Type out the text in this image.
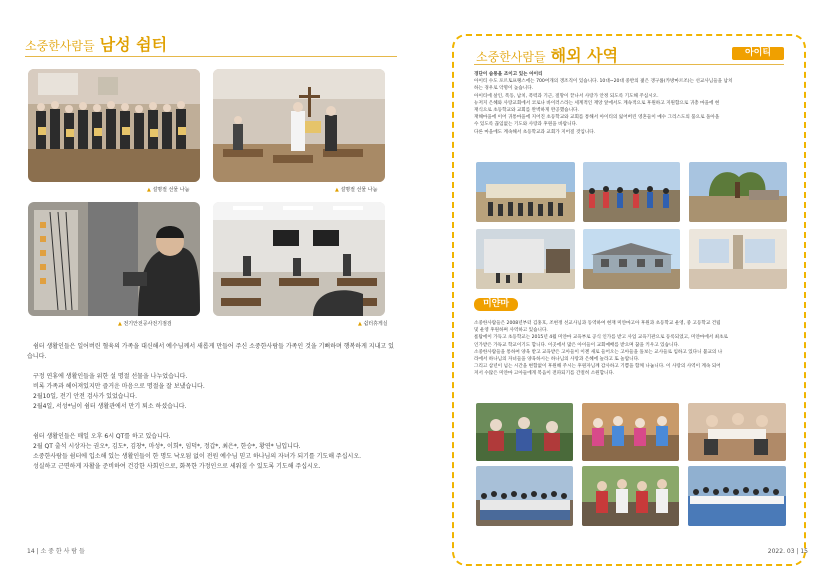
소중한사람들 남성 쉼터
▲ 설명절 선물 나눔	▲ 설명절 선물 나눔
▲ 전기안전공사전기점검	▲ 쉼터휴게실

쉼터 생활인들은 일어버린 혈육의 가족을 대신해서 예수님께서 새롭게 만들어 주신 소중한사람들 가족인 것을 기뻐하며 행복하게 지내고 있습니다.

구정 연휴에 생활인들을 위한 설 명절 선물을 나누었습니다.

비록 가족과 헤어져있지만 즐거운 마음으로 명절을 잘 보냈습니다.

2월10일, 전기 안전 검사가 있었습니다.

2월4일, 서성*님이 쉼터 생활관에서 만기 퇴소 하셨습니다.

쉼터 생활인들은 매일 오후 6시 QT를 하고 있습니다.

2월 QT 출석 시상자는 권오*, 김도*, 김창*, 마성*, 이희*, 임덕*, 정갑*, 최은*, 한승*, 황연* 님입니다.

소중한사람들 쉼터에 입소해 있는 생활인들이 한 명도 낙오됨 없이 전원 예수님 믿고 하나님의 자녀가 되기를 기도해 주십시오.

성실하고 근면하게 자활을 준비하여 건강한 사회인으로, 화목한 가정인으로 세워질 수 있도록 기도해 주십시오.

14 | 소 중 한 사 람 들
소중한사람들 해외 사역	아이티

경단이 숨통을 조이고 있는 아이티

아이티 수도 포르토프랭스에는 700여개의 갱조직이 있습니다. 10대~20대 중반의 젊은 갱구룹(카방마르조)는 선교사님들을 납치

하는 경우로 악명이 높습니다.

아이티에 살인, 폭동, 납치, 폭력과 기근, 절망이 끝나서 사랑가 안정 되도록 기도해 주십시오.

뉴저지 은혜와 사랑교회에서 코로나 바이러스라는 세계적인 재앙 앞에서도 계속적으로 후원하고 지원함으로 귀총 마을에 현

재식으로 초등학교와 교회를 완벽하게 완공했습니다.

재해마을에 이어 귀통마을에 지어진 초등학교와 교회를 통해서 아이티의 잃어버린 영혼들이 예수 그리스도의 품으로 돌아올

수 있도록 끊임없는 기도와 사랑과 후원을 바랍니다.

다른 마을에도 계속해서 초등학교과 교회가 지어질 것입니다.

미얀마

소중한사람들은 2008년부터 김홍호, 조현정 선교사님과 동역하여 현재 미얀마고아 후원과 초등학교 운영, 중 고등학교 건립

및 운영 후원하며 사역하고 있습니다.

룸탐에이 가득고 초등학교는 2015년 4월 미얀마 교육부로 공식 인가를 받고 사업 교육기관으로 등록되었고, 미얀마에서 최초로

인가받은 가독교 학교이기도 합니다. 이곳에서 많은 아이들이 교회예배를 받으며 꿈을 키우고 있습니다.

소중한사람들을 통하여 양육 받고 교육받은 고아들이 이젠 새로 들어오는 고아들을 돌보는 교사들로 임하고 있다니 불교의 나

라에서 하나님의 자녀들을 양육하시는 하나님의 사랑과 은혜에 놀라고 또 놀랍니다.

그리고 삼년이 넘는 시간을 변함없이 후원해 주시는 후원자님께 감사하고 기쁨을 함께 나눕니다. 이 사랑의 사역이 계속 되어

져서 수많은 미얀마 고아들에게 복음이 전파되기를 간절히 소원합니다.

2022. 03 | 15
